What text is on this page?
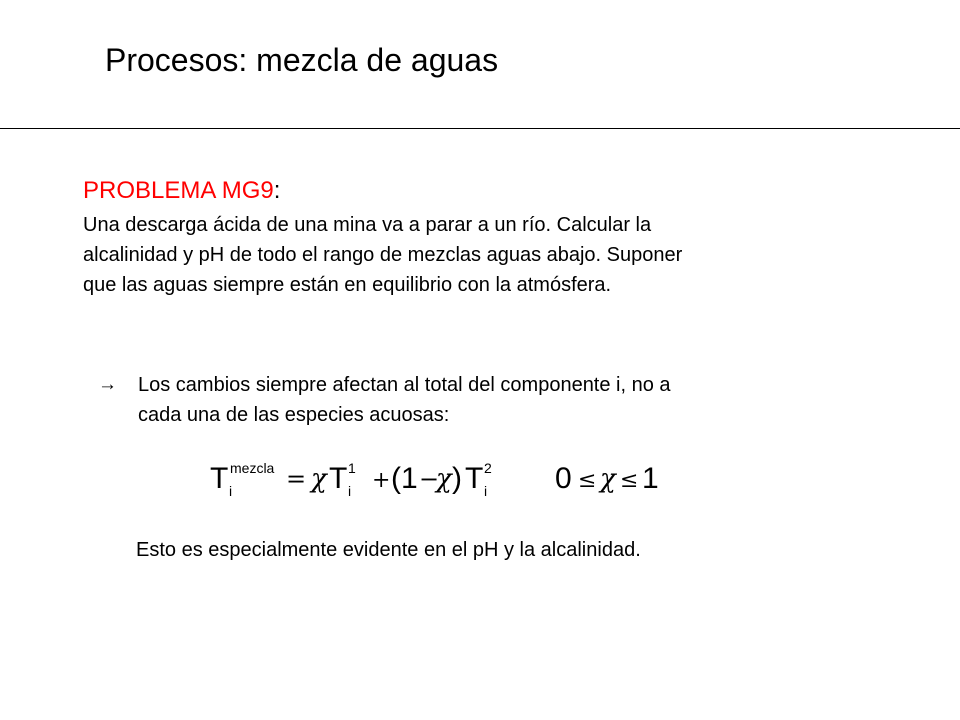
Procesos: mezcla de aguas
PROBLEMA MG9:
Una descarga ácida de una mina va a parar a un río. Calcular la
alcalinidad y pH de todo el rango de mezclas aguas abajo. Suponer
que las aguas siempre están en equilibrio con la atmósfera.
→ Los cambios siempre afectan al total del componente i, no a
cada una de las especies acuosas:
T i
mezcla = χ T i
1 + ( 1 −
χ ) T i
2 0 ≤ χ ≤ 1
Esto es especialmente evidente en el pH y la alcalinidad.
